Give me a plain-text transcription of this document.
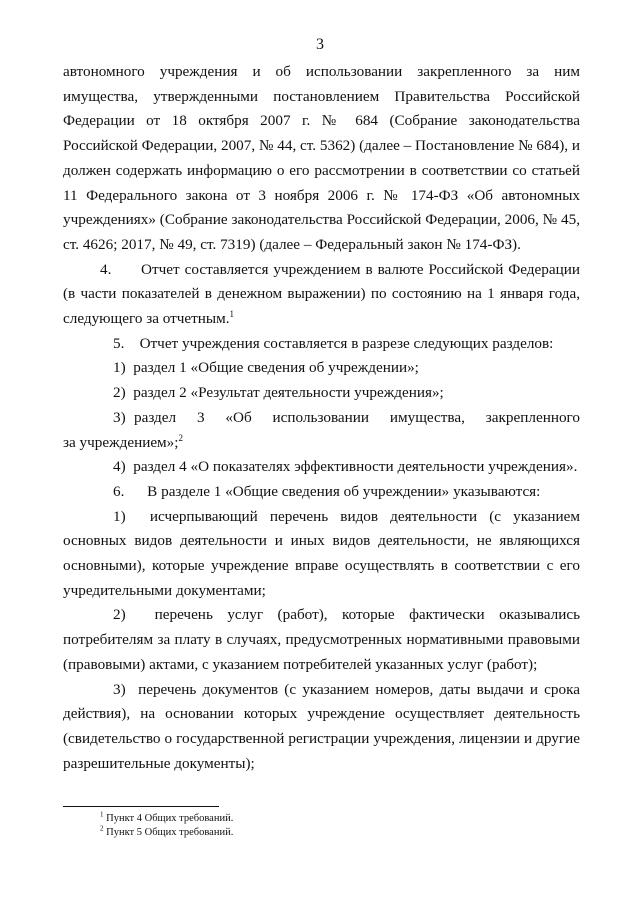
3

автономного учреждения и об использовании закрепленного за ним имущества, утвержденными постановлением Правительства Российской Федерации от 18 октября 2007 г. № 684 (Собрание законодательства Российской Федерации, 2007, № 44, ст. 5362) (далее – Постановление № 684), и должен содержать информацию о его рассмотрении в соответствии со статьей 11 Федерального закона от 3 ноября 2006 г. № 174-ФЗ «Об автономных учреждениях» (Собрание законодательства Российской Федерации, 2006, № 45, ст. 4626; 2017, № 49, ст. 7319) (далее – Федеральный закон № 174-ФЗ).

4.      Отчет составляется учреждением в валюте Российской Федерации (в части показателей в денежном выражении) по состоянию на 1 января года, следующего за отчетным.$^1$

5.    Отчет учреждения составляется в разрезе следующих разделов:

1)  раздел 1 «Общие сведения об учреждении»;

2)  раздел 2 «Результат деятельности учреждения»;

3)  раздел     3     «Об     использовании     имущества,     закрепленного за учреждением»;$^2$

4)  раздел 4 «О показателях эффективности деятельности учреждения».

6.      В разделе 1 «Общие сведения об учреждении» указываются:

1)  исчерпывающий перечень видов деятельности (с указанием основных видов деятельности и иных видов деятельности, не являющихся основными), которые учреждение вправе осуществлять в соответствии с его учредительными документами;

2)  перечень услуг (работ), которые фактически оказывались потребителям за плату в случаях, предусмотренных нормативными правовыми (правовыми) актами, с указанием потребителей указанных услуг (работ);

3)  перечень документов (с указанием номеров, даты выдачи и срока действия), на основании которых учреждение осуществляет деятельность (свидетельство о государственной регистрации учреждения, лицензии и другие разрешительные документы);

$^1$ Пункт 4 Общих требований.
$^2$ Пункт 5 Общих требований.
